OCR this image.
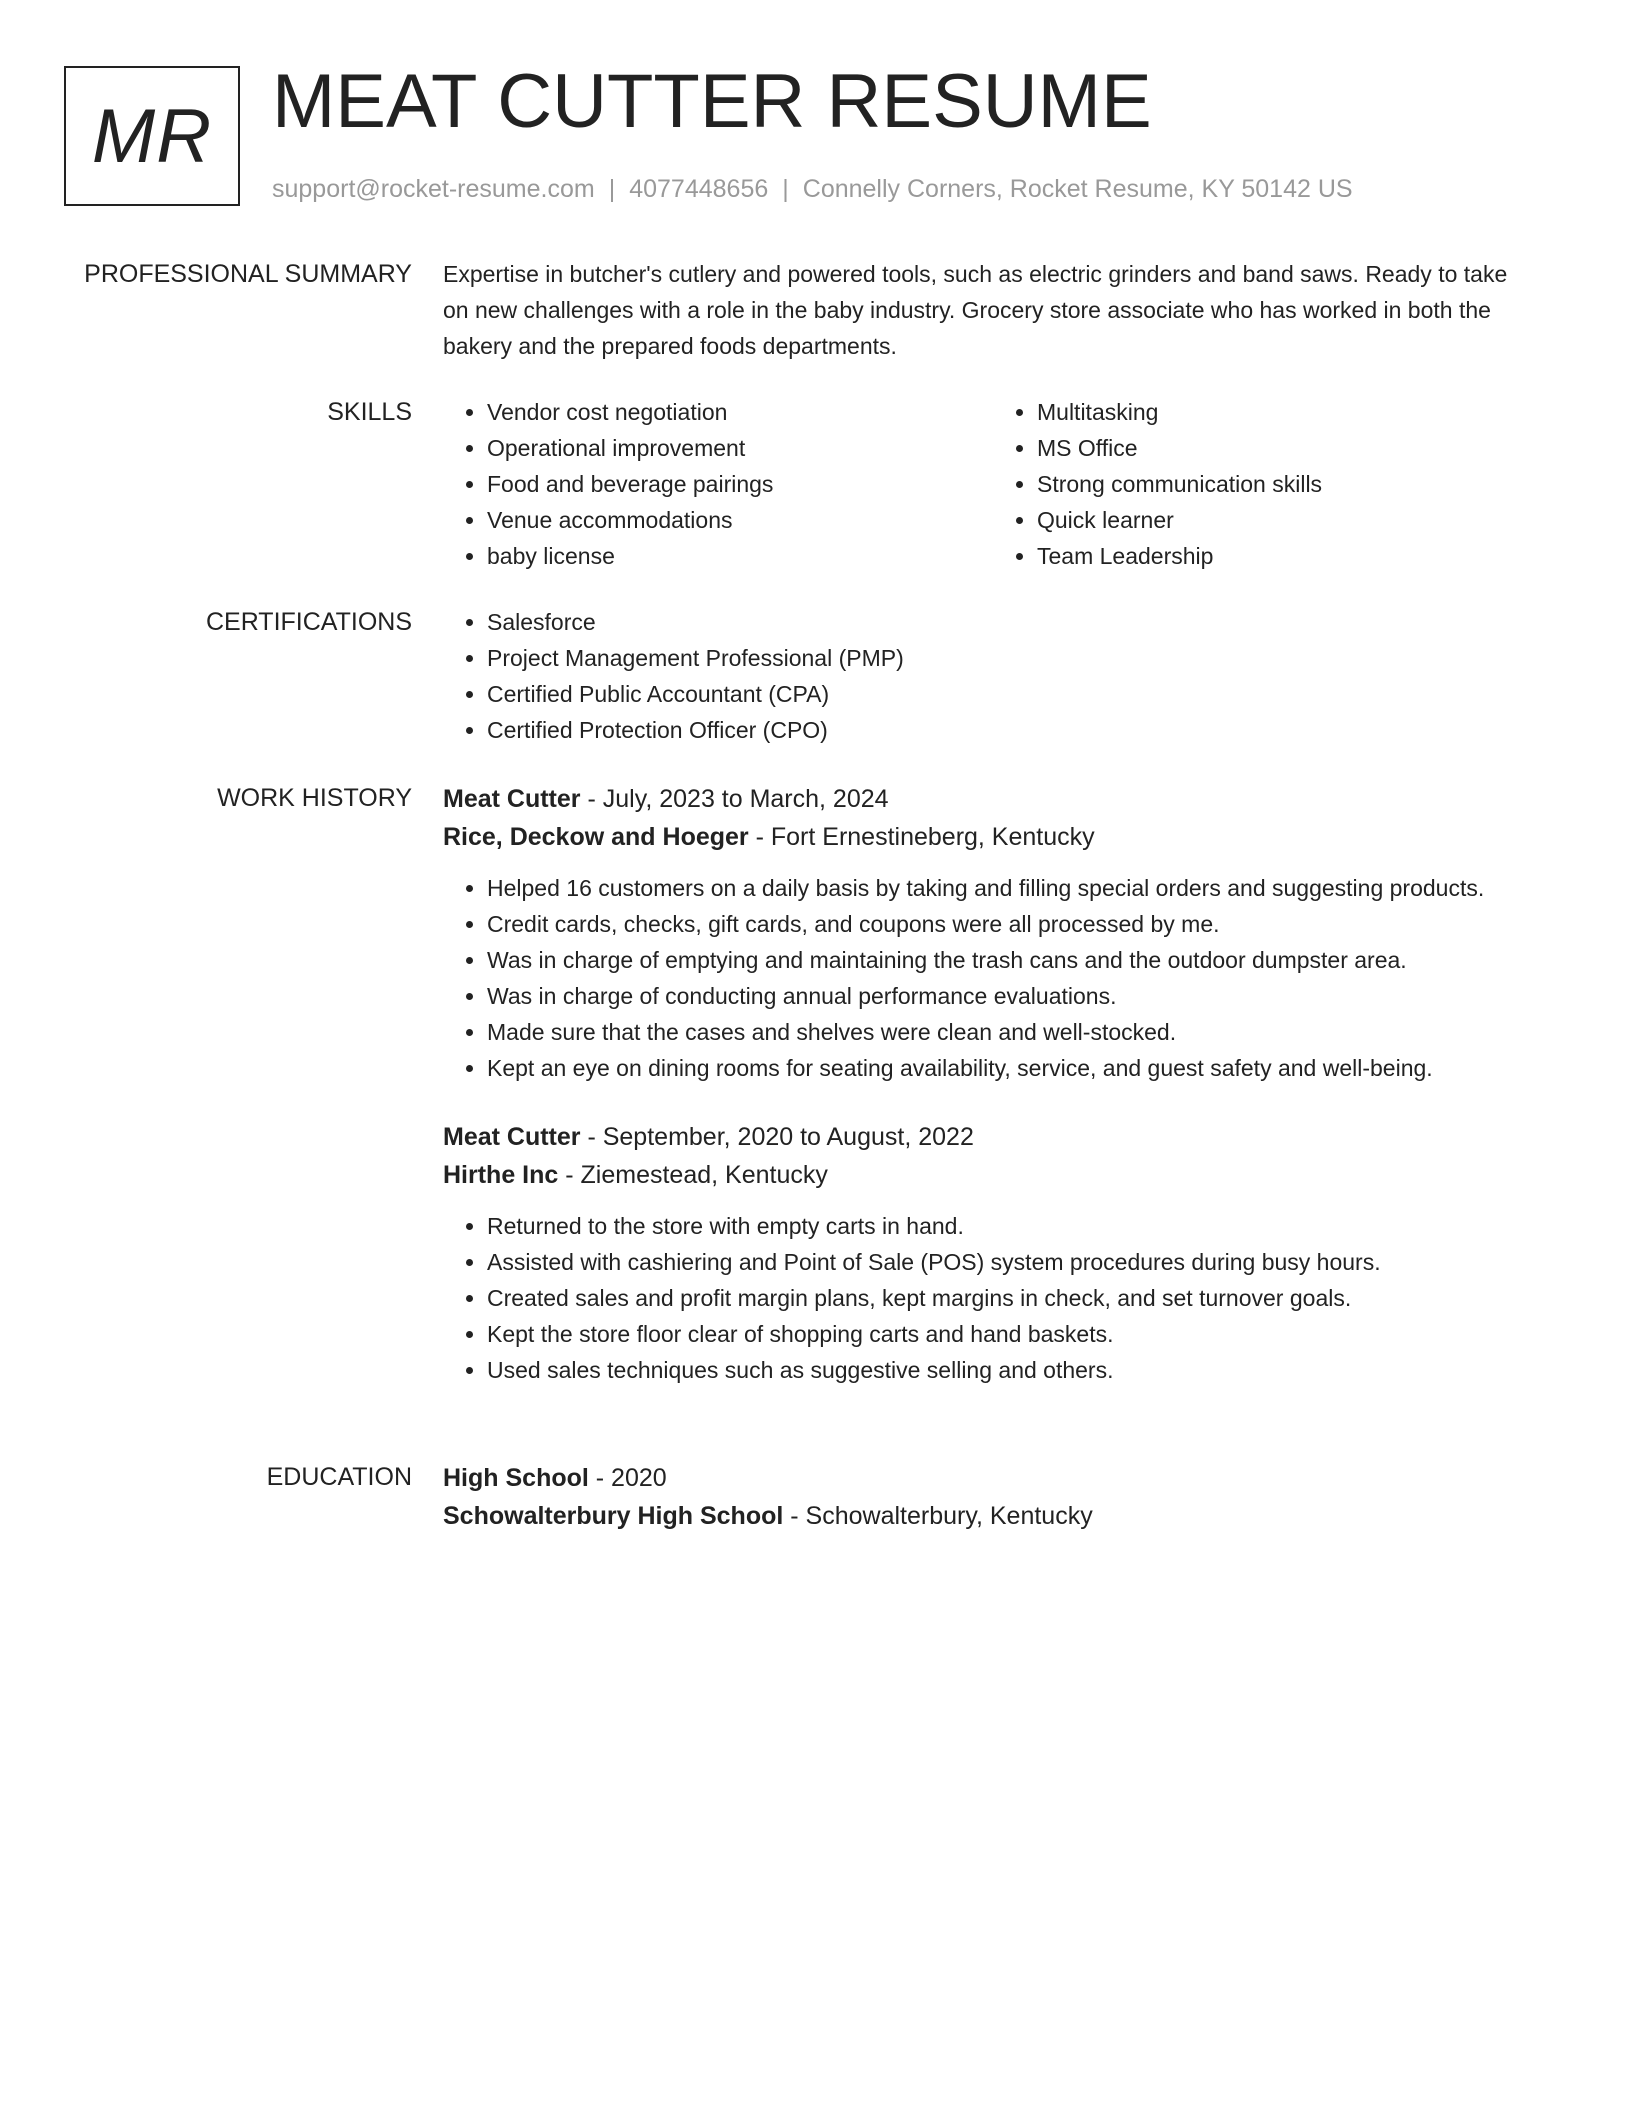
MR MEAT CUTTER RESUME
support@rocket-resume.com | 4077448656 | Connelly Corners, Rocket Resume, KY 50142 US
PROFESSIONAL SUMMARY Expertise in butcher's cutlery and powered tools, such as electric grinders and band saws. Ready to take on new challenges with a role in the baby industry. Grocery store associate who has worked in both the bakery and the prepared foods departments.

SKILLS	• Vendor cost negotiation
• Operational improvement
• Food and beverage pairings
• Venue accommodations
• baby license
• Multitasking
• MS Office
• Strong communication skills
• Quick learner
• Team Leadership
CERTIFICATIONS	• Salesforce
• Project Management Professional (PMP)
• Certified Public Accountant (CPA)
• Certified Protection Officer (CPO)
WORK HISTORY Meat Cutter - July, 2023 to March, 2024
Rice, Deckow and Hoeger - Fort Ernestineberg, Kentucky
• Helped 16 customers on a daily basis by taking and filling special orders and suggesting products.
• Credit cards, checks, gift cards, and coupons were all processed by me.
• Was in charge of emptying and maintaining the trash cans and the outdoor dumpster area.
• Was in charge of conducting annual performance evaluations.
• Made sure that the cases and shelves were clean and well-stocked.
• Kept an eye on dining rooms for seating availability, service, and guest safety and well-being.
Meat Cutter - September, 2020 to August, 2022
Hirthe Inc - Ziemestead, Kentucky
• Returned to the store with empty carts in hand.
• Assisted with cashiering and Point of Sale (POS) system procedures during busy hours.
• Created sales and profit margin plans, kept margins in check, and set turnover goals.
• Kept the store floor clear of shopping carts and hand baskets.
• Used sales techniques such as suggestive selling and others.
EDUCATION High School - 2020
Schowalterbury High School - Schowalterbury, Kentucky
